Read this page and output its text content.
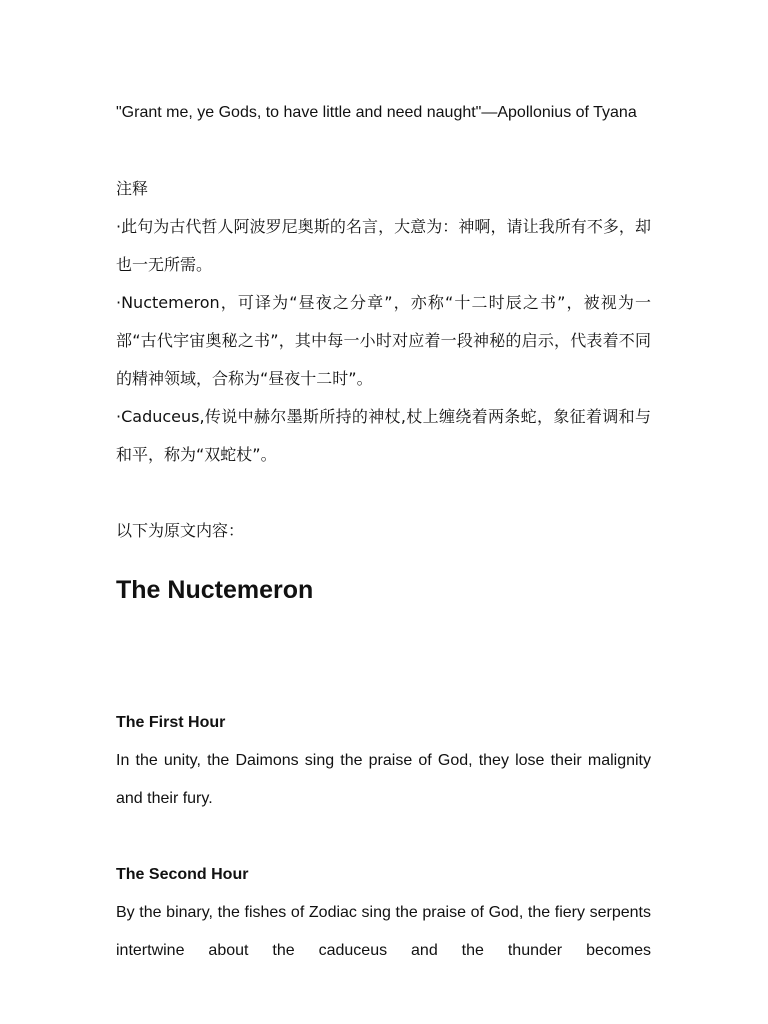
"Grant me, ye Gods, to have little and need naught"—Apollonius of Tyana

注释

·此句为古代哲人阿波罗尼奥斯的名言，大意为：神啊，请让我所有不多，却也一无所需。

·Nuctemeron，可译为“昼夜之分章”，亦称“十二时辰之书”，被视为一部“古代宇宙奥秘之书”，其中每一小时对应着一段神秘的启示，代表着不同的精神领域，合称为“昼夜十二时”。

·Caduceus,传说中赫尔墨斯所持的神杖,杖上缠绕着两条蛇，象征着调和与和平，称为“双蛇杖”。

以下为原文内容：

The Nuctemeron

The First Hour

In the unity, the Daimons sing the praise of God, they lose their malignity and their fury.

The Second Hour

By the binary, the fishes of Zodiac sing the praise of God, the fiery serpents intertwine about the caduceus and the thunder becomes
